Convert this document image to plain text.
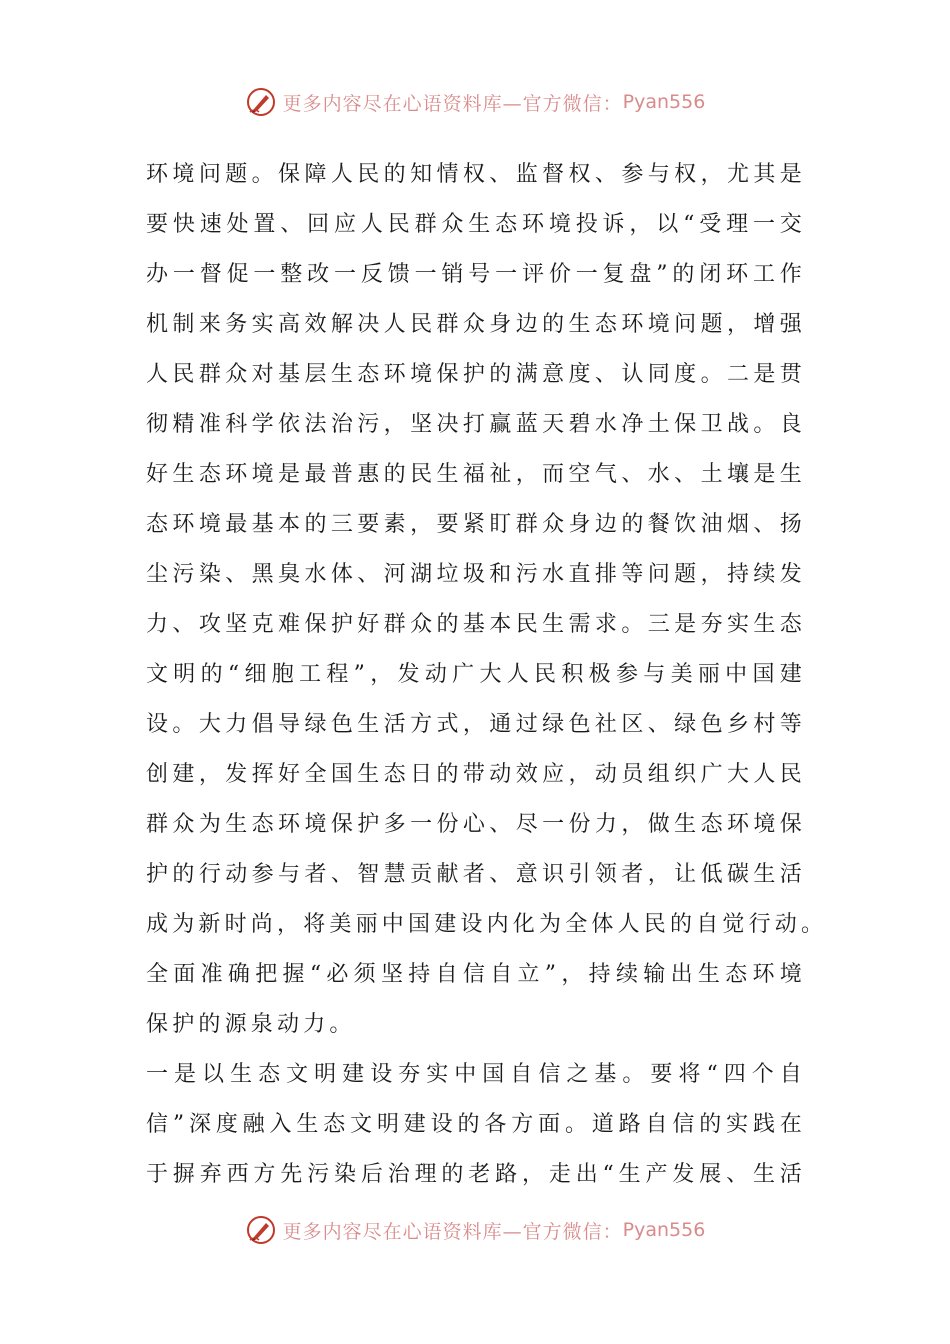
更多内容尽在心语资料库—官方微信： Pyan556
环境问题。保障人民的知情权、监督权、参与权，尤其是
要快速处置、回应人民群众生态环境投诉，以“受理一交
办一督促一整改一反馈一销号一评价一复盘”的闭环工作
机制来务实高效解决人民群众身边的生态环境问题，增强
人民群众对基层生态环境保护的满意度、认同度。二是贯
彻精准科学依法治污，坚决打赢蓝天碧水净土保卫战。良
好生态环境是最普惠的民生福祉，而空气、水、土壤是生
态环境最基本的三要素，要紧盯群众身边的餐饮油烟、扬
尘污染、黑臭水体、河湖垃圾和污水直排等问题，持续发
力、攻坚克难保护好群众的基本民生需求。三是夯实生态
文明的“细胞工程”，发动广大人民积极参与美丽中国建
设。大力倡导绿色生活方式，通过绿色社区、绿色乡村等
创建，发挥好全国生态日的带动效应，动员组织广大人民
群众为生态环境保护多一份心、尽一份力，做生态环境保
护的行动参与者、智慧贡献者、意识引领者，让低碳生活
成为新时尚，将美丽中国建设内化为全体人民的自觉行动。
全面准确把握“必须坚持自信自立”，持续输出生态环境
保护的源泉动力。
一是以生态文明建设夯实中国自信之基。要将“四个自
信”深度融入生态文明建设的各方面。道路自信的实践在
于摒弃西方先污染后治理的老路，走出“生产发展、生活
更多内容尽在心语资料库—官方微信： Pyan556
